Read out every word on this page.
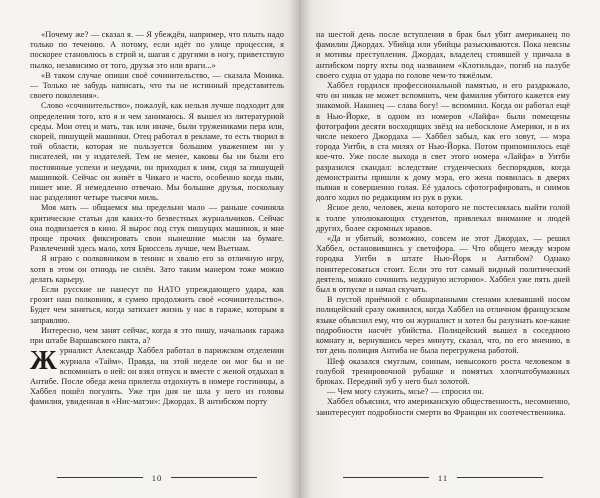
«Почему же? — сказал я. — Я убеждён, например, что плыть надо только по течению. А потому, если идёт по улице процессия, я поскорее становлюсь в строй и, шагая с другими в ногу, приветствую пылко, независимо от того, друзья это или враги...»

«В таком случае опиши своё сочинительство, — сказала Моника. — Только не забудь написать, что ты не истинный представитель своего поколения».

Слово «сочинительство», пожалуй, как нельзя лучше подходит для определения того, кто я и чем занимаюсь. Я вышел из литературной среды. Мои отец и мать, так или иначе, были тружениками пера или, скорей, пишущей машинки. Отец работал в рекламе, то есть творил в той области, которая не пользуется большим уважением ни у писателей, ни у издателей. Тем не менее, каковы бы ни были его постоянные успехи и неудачи, он приходил к ним, сидя за пишущей машинкой. Сейчас он живёт в Чикаго и часто, особенно когда пьян, пишет мне. Я немедленно отвечаю. Мы большие друзья, поскольку нас разделяют четыре тысячи миль.

Моя мать — общаемся мы предельно мало — раньше сочиняла критические статьи для каких-то безвестных журнальчиков. Сейчас она подвизается в кино. Я вырос под стук пишущих машинок, и мне проще прочих фиксировать свои нынешние мысли на бумаге. Развлечений здесь мало, хотя Брюссель лучше, чем Вьетнам.

Я играю с полковником в теннис и хвалю его за отличную игру, хотя в этом он отнюдь не силён. Зато таким манером тоже можно делать карьеру.

Если русские не нанесут по НАТО упреждающего удара, как грозит наш полковник, я сумею продолжить своё «сочинительство». Будет чем заняться, когда затихает жизнь у нас в гараже, которым я заправляю.

Интересно, чем занят сейчас, когда я это пишу, начальник гаража при штабе Варшавского пакта, а?

Журналист Александр Хаббел работал в парижском отделении журнала «Тайм». Правда, на этой неделе он мог бы и не вспоминать о ней: он взял отпуск и вместе с женой отдыхал в Антибе. После обеда жена прилегла отдохнуть в номере гостиницы, а Хаббел пошёл погулять. Уже три дня не шла у него из головы фамилия, увиденная в «Нис-матэн»: Джордах. В антибском порту

10

на шестой день после вступления в брак был убит американец по фамилии Джордах. Убийца или убийцы разыскиваются. Пока неясны и мотивы преступления. Джордах, владелец стоявшей у причала в антибском порту яхты под названием «Клотильда», погиб на палубе своего судна от удара по голове чем-то тяжёлым.

Хаббел гордился профессиональной памятью, и его раздражало, что он никак не может вспомнить, чем фамилия убитого кажется ему знакомой. Наконец — слава богу! — вспомнил. Когда он работал ещё в Нью-Йорке, в одном из номеров «Лайфа» были помещены фотографии десяти восходящих звёзд на небосклоне Америки, и в их числе некоего Джордаха — Хаббел забыл, как его зовут, — мэра города Уитби, в ста милях от Нью-Йорка. Потом припомнилось ещё кое-что. Уже после выхода в свет этого номера «Лайфа» в Уитби разразился скандал: вследствие студенческих беспорядков, когда демонстранты пришли к дому мэра, его жена появилась в дверях пьяная и совершенно голая. Её удалось сфотографировать, и снимок долго ходил по редакциям из рук в руки.

Ясное дело, человек, жена которого не постеснялась выйти голой к толпе улюлюкающих студентов, привлекал внимание и людей других, более скромных нравов.

«Да и убитый, возможно, совсем не этот Джордах, — решил Хаббел, остановившись у светофора. — Что общего между мэром городка Уитби в штате Нью-Йорк и Антибом? Однако поинтересоваться стоит. Если это тот самый видный политический деятель, можно сочинить недурную историю». Хаббел уже пять дней был в отпуске и начал скучать.

В пустой приёмной с обшарпанными стенами клевавший носом полицейский сразу оживился, когда Хаббел на отличном французском языке объяснил ему, что он журналист и хотел бы разузнать кое-какие подробности насчёт убийства. Полицейский вышел в соседнюю комнату и, вернувшись через минуту, сказал, что, по его мнению, в тот день полиция Антиба не была перегружена работой.

Шеф оказался смуглым, сонным, невысокого роста человеком в голубой тренировочной рубашке и помятых хлопчатобумажных брюках. Передний зуб у него был золотой.

— Чем могу служить, мсье? — спросил он.

Хаббел объяснил, что американскую общественность, несомненно, заинтересуют подробности смерти во Франции их соотечественника.

11
